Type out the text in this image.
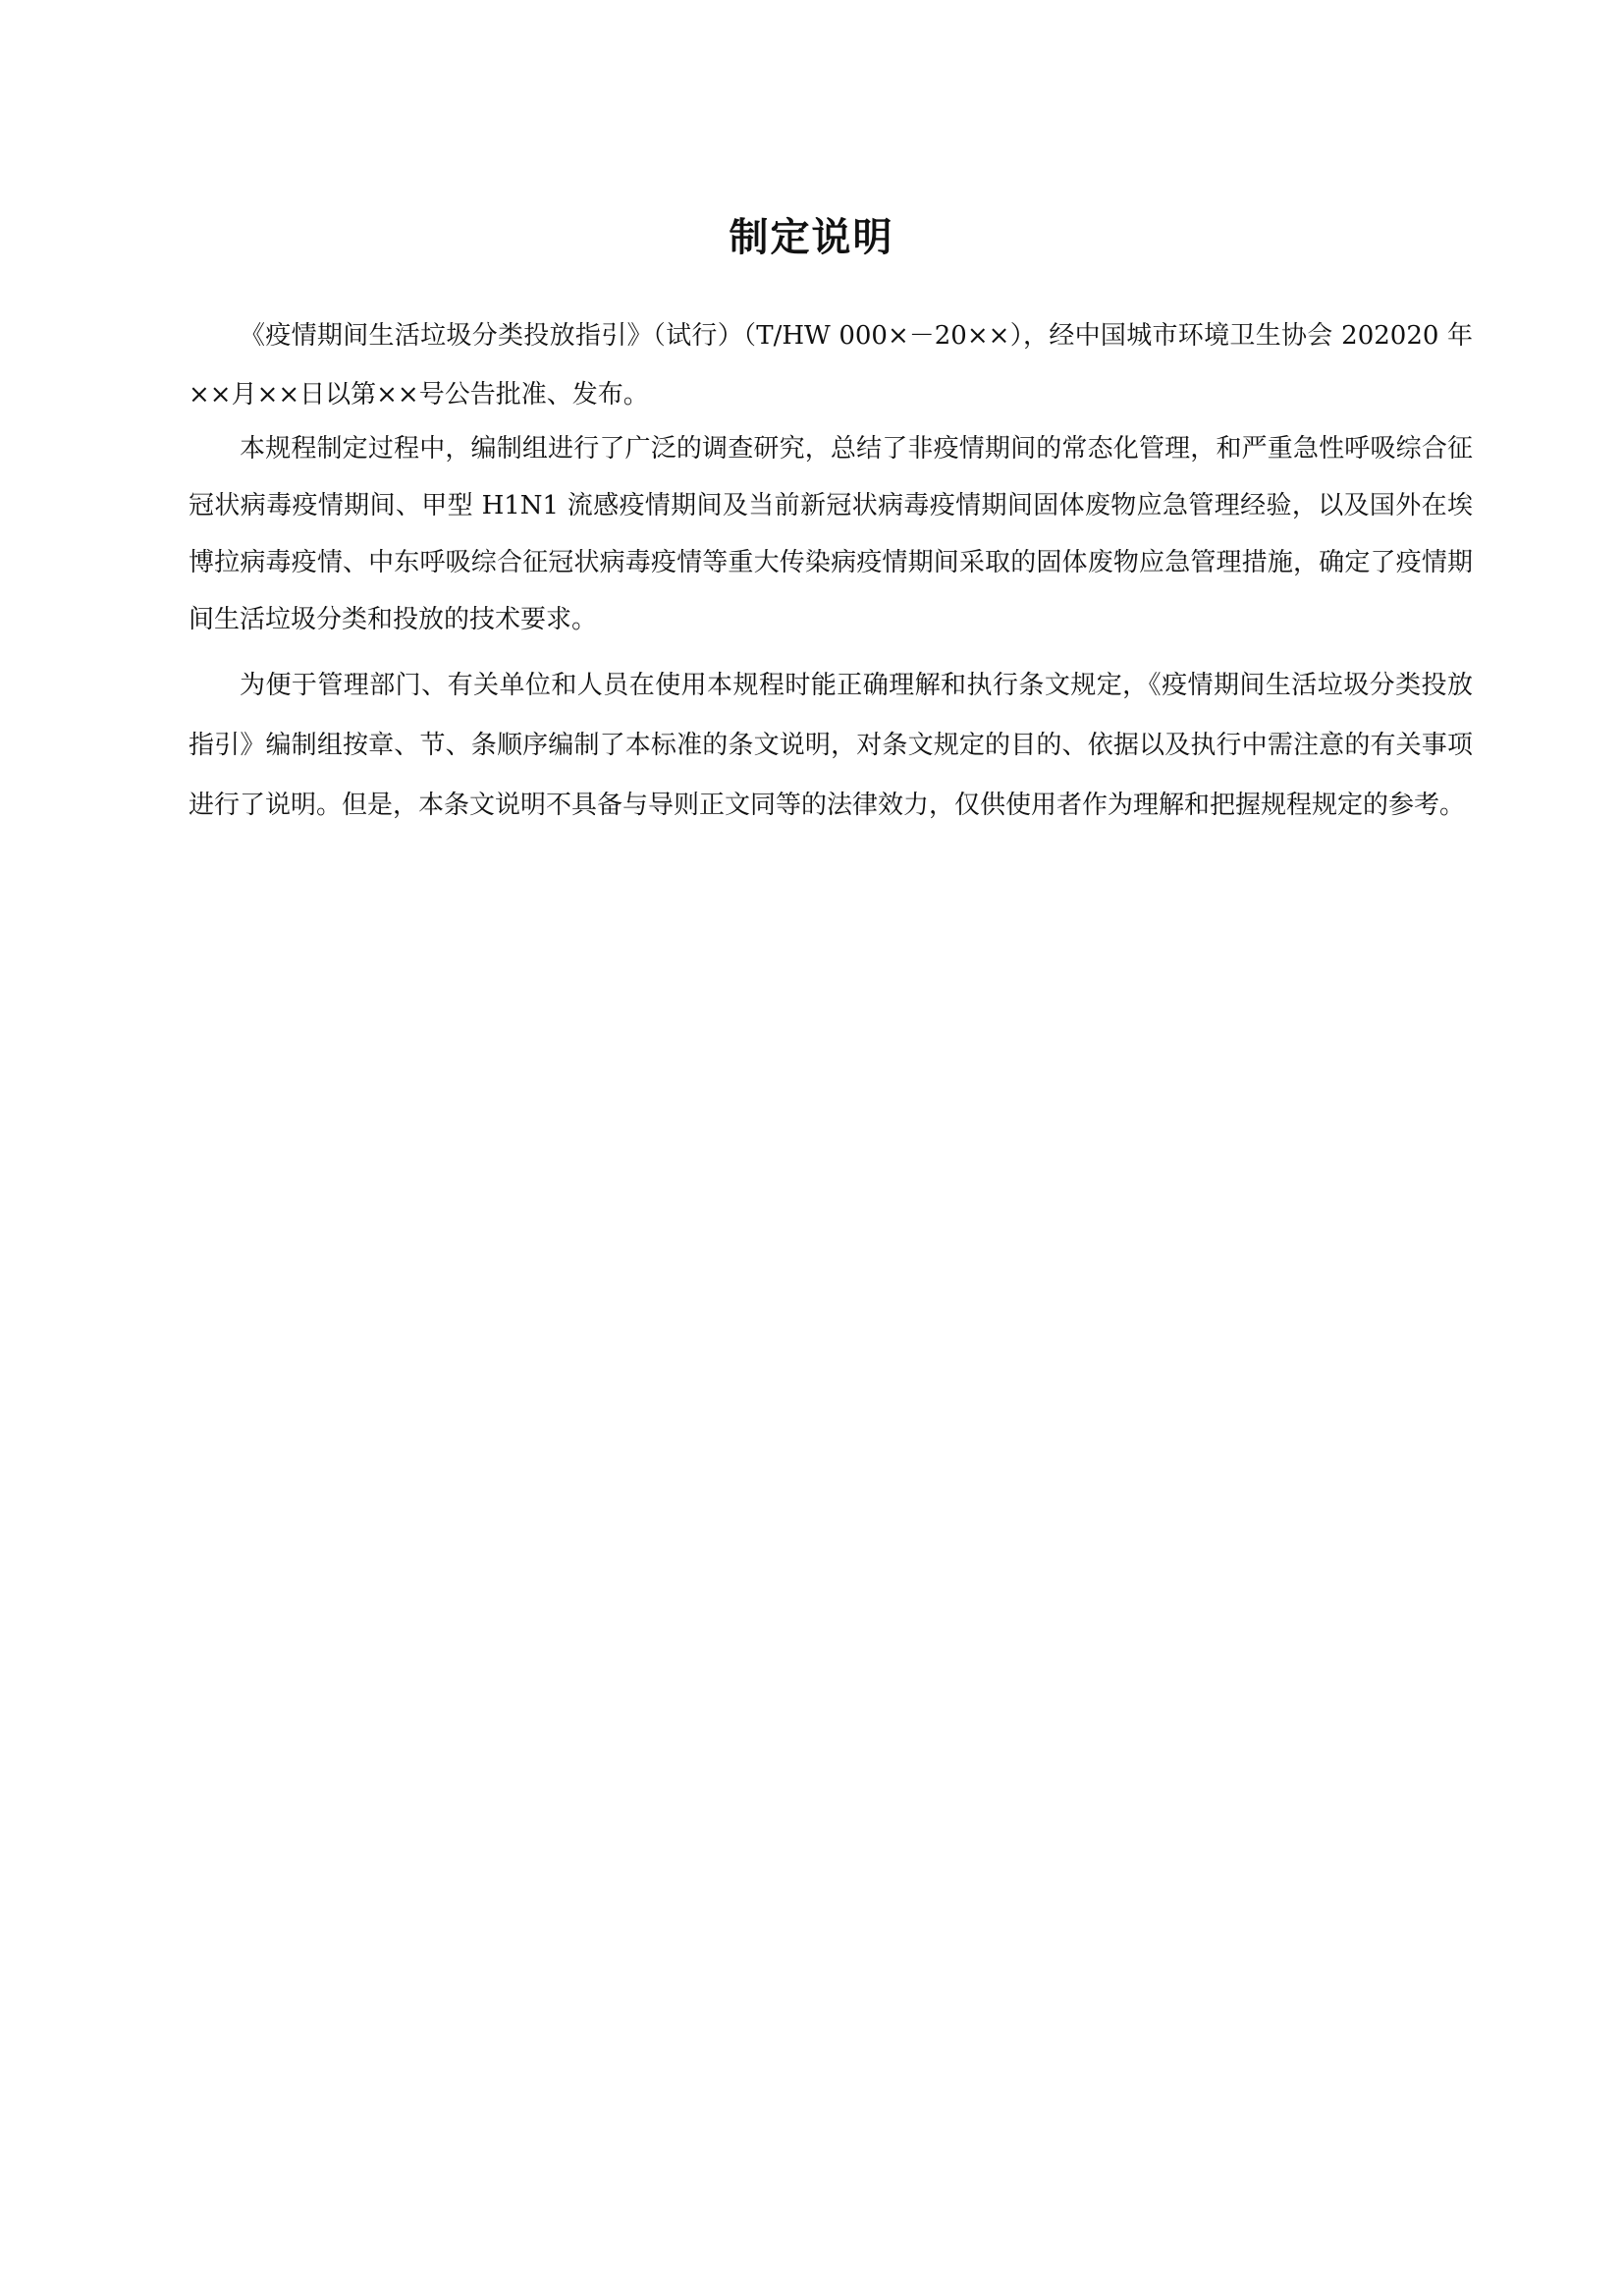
制定说明

《疫情期间生活垃圾分类投放指引》（试行）（T/HW 000×－20××），经中国城市环境卫生协会 202020 年××月××日以第××号公告批准、发布。

本规程制定过程中，编制组进行了广泛的调查研究，总结了非疫情期间的常态化管理，和严重急性呼吸综合征冠状病毒疫情期间、甲型 H1N1 流感疫情期间及当前新冠状病毒疫情期间固体废物应急管理经验，以及国外在埃博拉病毒疫情、中东呼吸综合征冠状病毒疫情等重大传染病疫情期间采取的固体废物应急管理措施，确定了疫情期间生活垃圾分类和投放的技术要求。

为便于管理部门、有关单位和人员在使用本规程时能正确理解和执行条文规定，《疫情期间生活垃圾分类投放指引》编制组按章、节、条顺序编制了本标准的条文说明，对条文规定的目的、依据以及执行中需注意的有关事项进行了说明。但是，本条文说明不具备与导则正文同等的法律效力，仅供使用者作为理解和把握规程规定的参考。
